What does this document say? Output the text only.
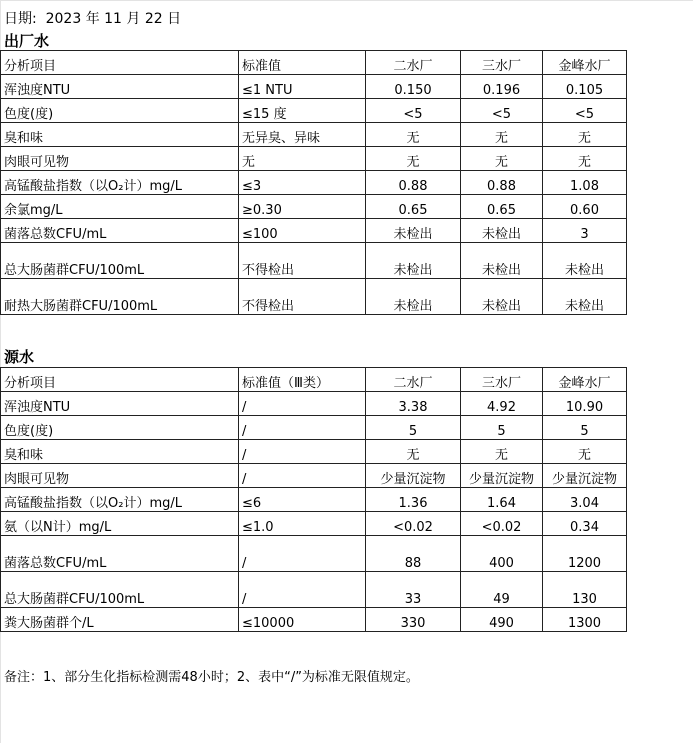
日期:  2023 年 11 月 22 日
出厂水
分析项目	标准值	二水厂	三水厂	金峰水厂
浑浊度NTU	≤1 NTU	0.150	0.196	0.105
色度(度)	≤15 度	<5	<5	<5
臭和味	无异臭、异味	无	无	无
肉眼可见物	无	无	无	无
高锰酸盐指数（以O₂计）mg/L	≤3	0.88	0.88	1.08
余氯mg/L	≥0.30	0.65	0.65	0.60
菌落总数CFU/mL	≤100	未检出	未检出	3
总大肠菌群CFU/100mL	不得检出	未检出	未检出	未检出
耐热大肠菌群CFU/100mL	不得检出	未检出	未检出	未检出
源水
分析项目	标准值（Ⅲ类）	二水厂	三水厂	金峰水厂
浑浊度NTU	/	3.38	4.92	10.90
色度(度)	/	5	5	5
臭和味	/	无	无	无
肉眼可见物	/	少量沉淀物	少量沉淀物	少量沉淀物
高锰酸盐指数（以O₂计）mg/L	≤6	1.36	1.64	3.04
氨（以N计）mg/L	≤1.0	<0.02	<0.02	0.34
菌落总数CFU/mL	/	88	400	1200
总大肠菌群CFU/100mL	/	33	49	130
粪大肠菌群个/L	≤10000	330	490	1300
备注：1、部分生化指标检测需48小时；2、表中“/”为标准无限值规定。
